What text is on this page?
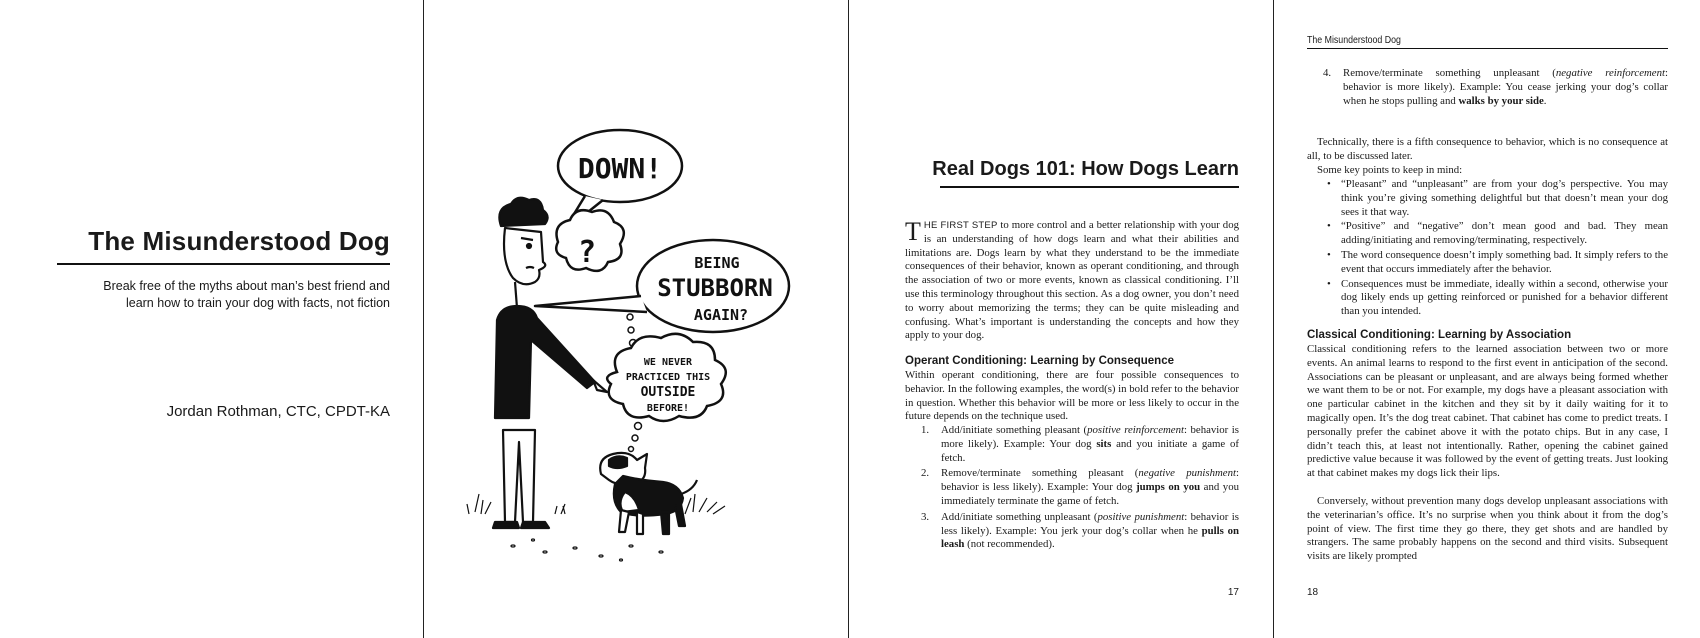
The Misunderstood Dog

Break free of the myths about man’s best friend and
learn how to train your dog with facts, not fiction

Jordan Rothman, CTC, CPDT-KA

DOWN!
?	BEING
STUBBORN
AGAIN?
WE NEVER
PRACTICED THIS
OUTSIDE
BEFORE!
Real Dogs 101: How Dogs Learn

THE FIRST STEP to more control and a better relationship with your dog is an understanding of how dogs learn and what their abilities and limitations are. Dogs learn by what they understand to be the immediate consequences of their behavior, known as operant conditioning, and through the association of two or more events, known as classical conditioning. I’ll use this terminology throughout this section. As a dog owner, you don’t need to worry about memorizing the terms; they can be quite misleading and confusing. What’s important is understanding the concepts and how they apply to your dog.

Operant Conditioning: Learning by Consequence

Within operant conditioning, there are four possible consequences to behavior. In the following examples, the word(s) in bold refer to the behavior in question. Whether this behavior will be more or less likely to occur in the future depends on the technique used.

1. Add/initiate something pleasant (positive reinforcement: behavior is more likely). Example: Your dog sits and you initiate a game of fetch.
2. Remove/terminate something pleasant (negative punishment: behavior is less likely). Example: Your dog jumps on you and you immediately terminate the game of fetch.
3. Add/initiate something unpleasant (positive punishment: behavior is less likely). Example: You jerk your dog’s collar when he pulls on leash (not recommended).
17
The Misunderstood Dog
4. Remove/terminate something unpleasant (negative reinforcement: behavior is more likely). Example: You cease jerking your dog’s collar when he stops pulling and walks by your side.

Technically, there is a fifth consequence to behavior, which is no consequence at all, to be discussed later.

Some key points to keep in mind:

• “Pleasant” and “unpleasant” are from your dog’s perspective. You may think you’re giving something delightful but that doesn’t mean your dog sees it that way.
• “Positive” and “negative” don’t mean good and bad. They mean adding/initiating and removing/terminating, respectively.
• The word consequence doesn’t imply something bad. It simply refers to the event that occurs immediately after the behavior.
• Consequences must be immediate, ideally within a second, otherwise your dog likely ends up getting reinforced or punished for a behavior different than you intended.
Classical Conditioning: Learning by Association

Classical conditioning refers to the learned association between two or more events. An animal learns to respond to the first event in anticipation of the second. Associations can be pleasant or unpleasant, and are always being formed whether we want them to be or not. For example, my dogs have a pleasant association with one particular cabinet in the kitchen and they sit by it daily waiting for it to magically open. It’s the dog treat cabinet. That cabinet has come to predict treats. I personally prefer the cabinet above it with the potato chips. But in any case, I didn’t teach this, at least not intentionally. Rather, opening the cabinet gained predictive value because it was followed by the event of getting treats. Just looking at that cabinet makes my dogs lick their lips.

Conversely, without prevention many dogs develop unpleasant associations with the veterinarian’s office. It’s no surprise when you think about it from the dog’s point of view. The first time they go there, they get shots and are handled by strangers. The same probably happens on the second and third visits. Subsequent visits are likely prompted

18
